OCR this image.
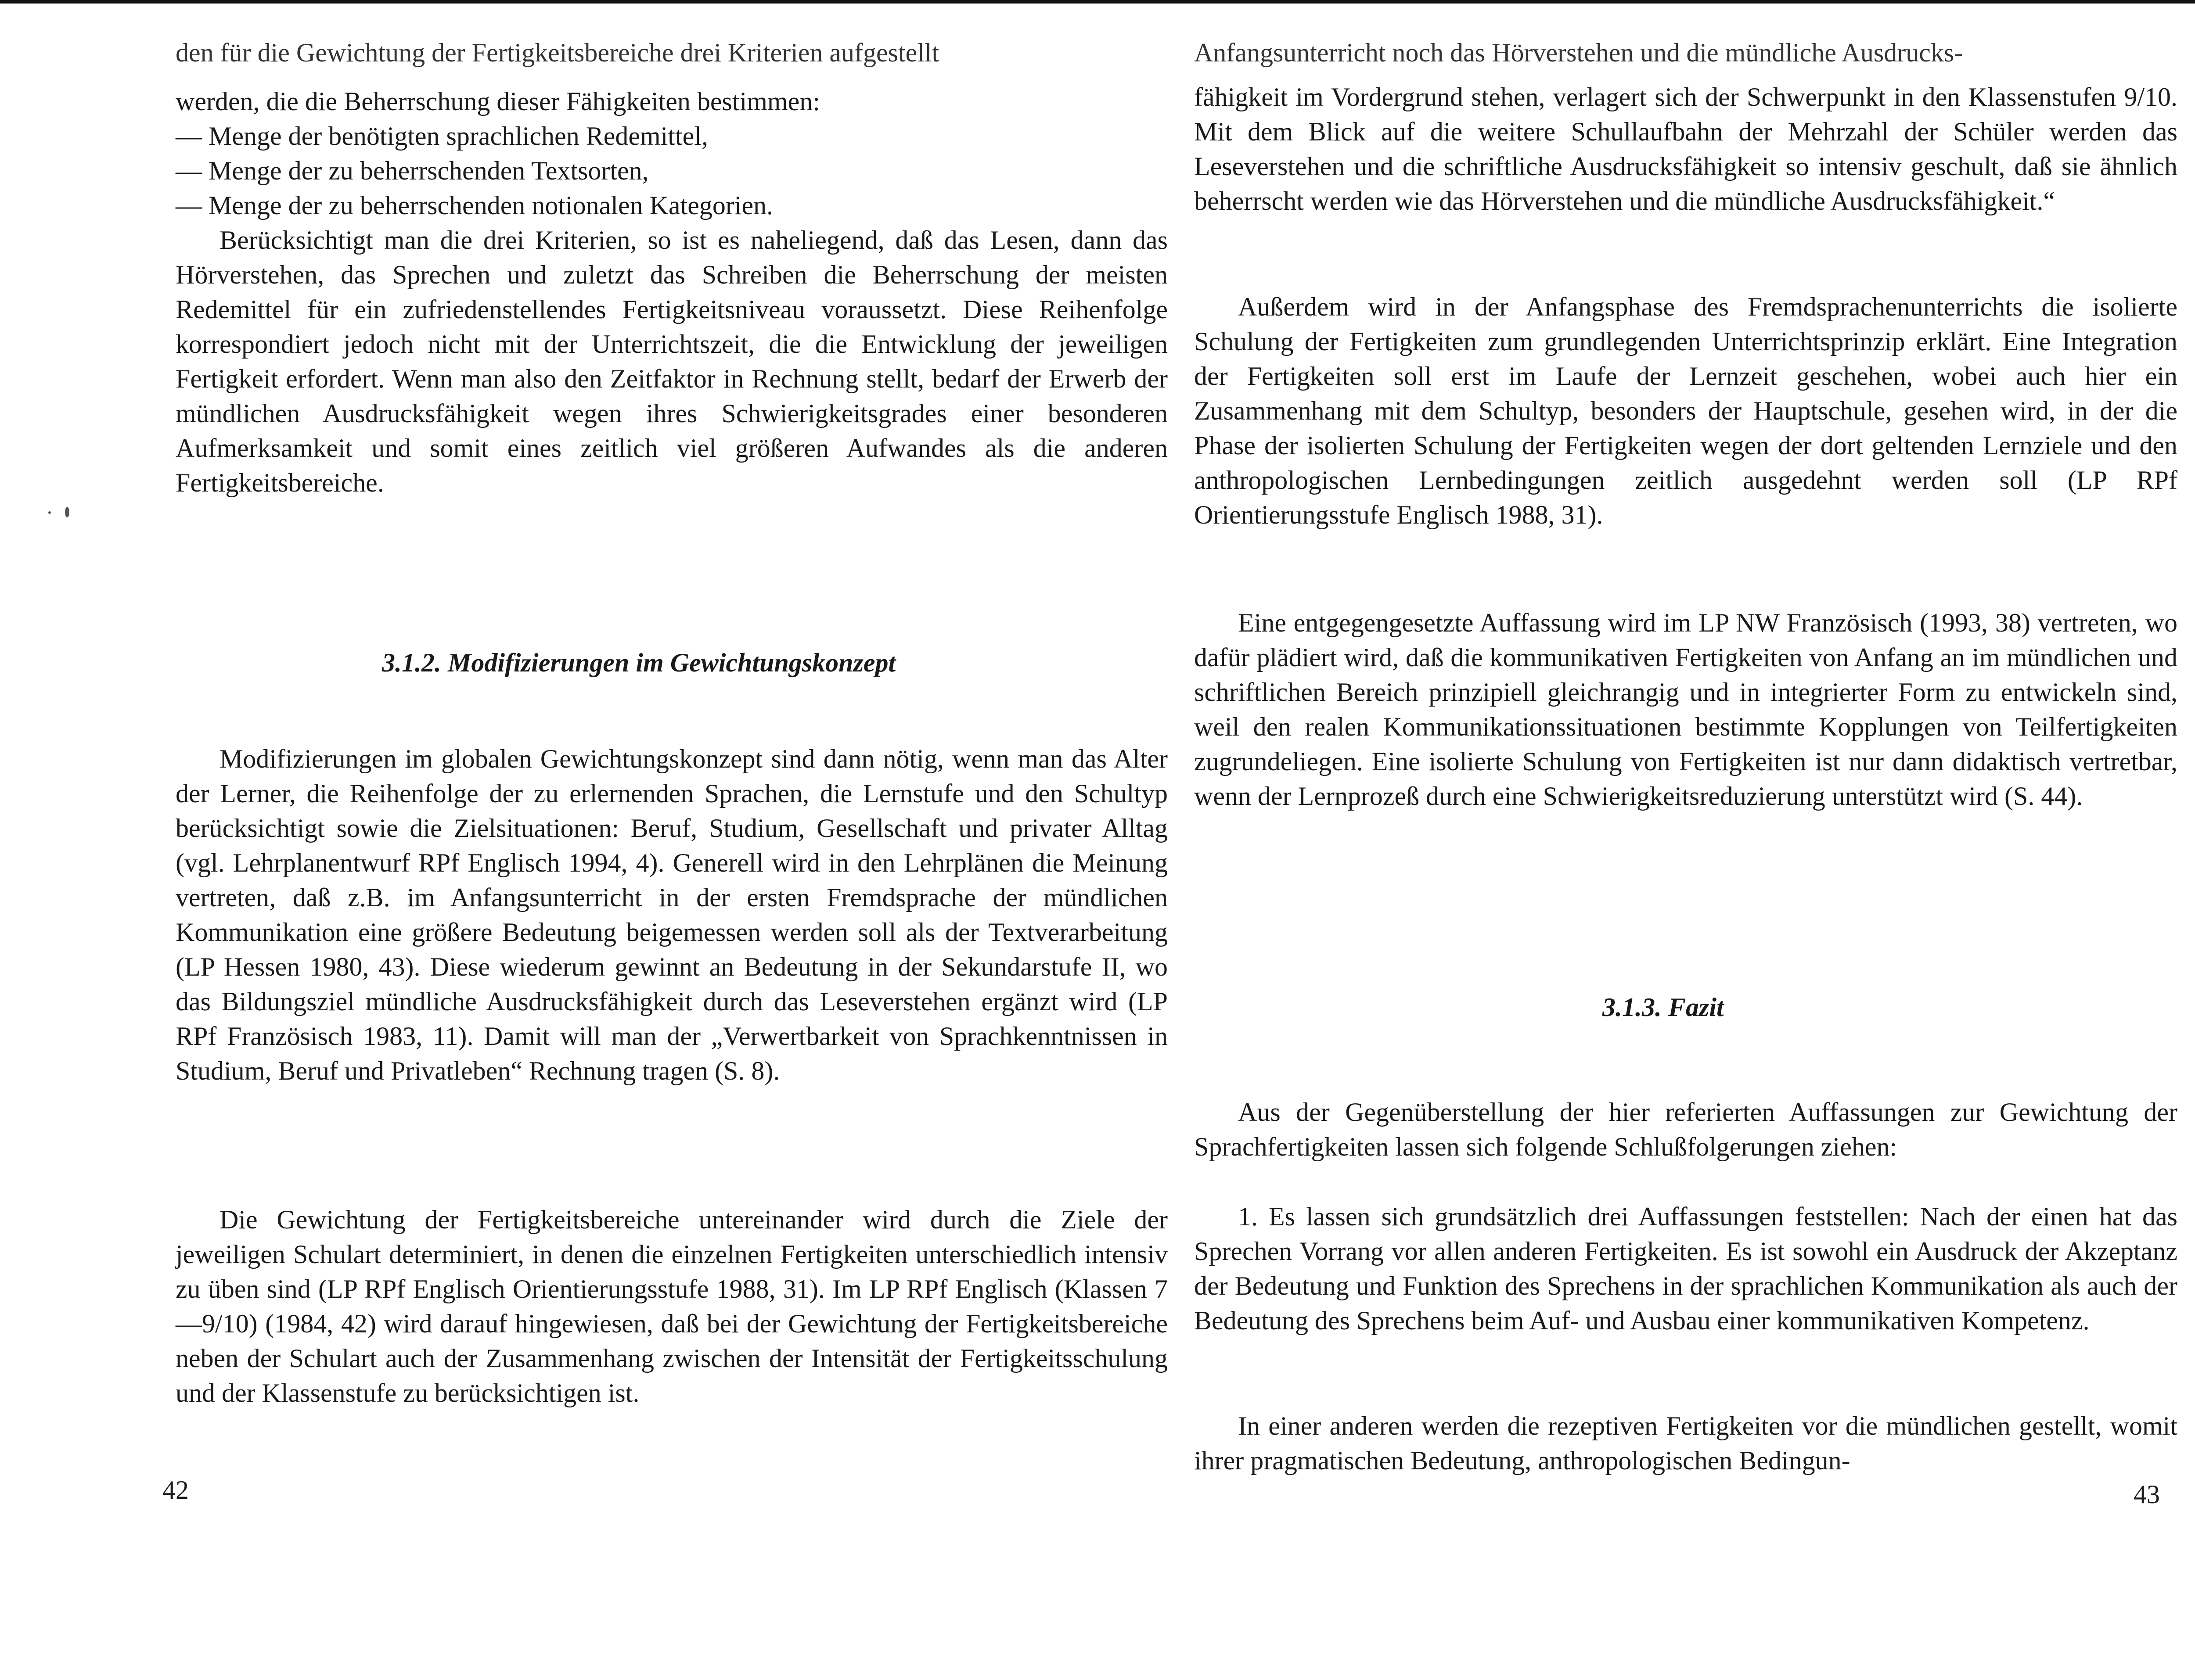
den für die Gewichtung der Fertigkeitsbereiche drei Kriterien aufgestellt

werden, die die Beherrschung dieser Fähigkeiten bestimmen:

— Menge der benötigten sprachlichen Redemittel,
— Menge der zu beherrschenden Textsorten,
— Menge der zu beherrschenden notionalen Kategorien.

Berücksichtigt man die drei Kriterien, so ist es naheliegend, daß das Lesen, dann das Hörverstehen, das Sprechen und zuletzt das Schreiben die Beherrschung der meisten Redemittel für ein zufriedenstellendes Fertigkeitsniveau voraussetzt. Diese Reihenfolge korrespondiert jedoch nicht mit der Unterrichtszeit, die die Entwicklung der jeweiligen Fertigkeit erfordert. Wenn man also den Zeitfaktor in Rechnung stellt, bedarf der Erwerb der mündlichen Ausdrucksfähigkeit wegen ihres Schwierigkeitsgrades einer besonderen Aufmerksamkeit und somit eines zeitlich viel größeren Aufwandes als die anderen Fertigkeitsbereiche.

3.1.2. Modifizierungen im Gewichtungskonzept

Modifizierungen im globalen Gewichtungskonzept sind dann nötig, wenn man das Alter der Lerner, die Reihenfolge der zu erlernenden Sprachen, die Lernstufe und den Schultyp berücksichtigt sowie die Zielsituationen: Beruf, Studium, Gesellschaft und privater Alltag (vgl. Lehrplanentwurf RPf Englisch 1994, 4). Generell wird in den Lehrplänen die Meinung vertreten, daß z.B. im Anfangsunterricht in der ersten Fremdsprache der mündlichen Kommunikation eine größere Bedeutung beigemessen werden soll als der Textverarbeitung (LP Hessen 1980, 43). Diese wiederum gewinnt an Bedeutung in der Sekundarstufe II, wo das Bildungsziel mündliche Ausdrucksfähigkeit durch das Leseverstehen ergänzt wird (LP RPf Französisch 1983, 11). Damit will man der „Verwertbarkeit von Sprachkenntnissen in Studium, Beruf und Privatleben“ Rechnung tragen (S. 8).

Die Gewichtung der Fertigkeitsbereiche untereinander wird durch die Ziele der jeweiligen Schulart determiniert, in denen die einzelnen Fertigkeiten unterschiedlich intensiv zu üben sind (LP RPf Englisch Orientierungsstufe 1988, 31). Im LP RPf Englisch (Klassen 7—9/10) (1984, 42) wird darauf hingewiesen, daß bei der Gewichtung der Fertigkeitsbereiche neben der Schulart auch der Zusammenhang zwischen der Intensität der Fertigkeitsschulung und der Klassenstufe zu berücksichtigen ist.

42

Anfangsunterricht noch das Hörverstehen und die mündliche Ausdrucks-

fähigkeit im Vordergrund stehen, verlagert sich der Schwerpunkt in den Klassenstufen 9/10. Mit dem Blick auf die weitere Schullaufbahn der Mehrzahl der Schüler werden das Leseverstehen und die schriftliche Ausdrucksfähigkeit so intensiv geschult, daß sie ähnlich beherrscht werden wie das Hörverstehen und die mündliche Ausdrucksfähigkeit.“

Außerdem wird in der Anfangsphase des Fremdsprachenunterrichts die isolierte Schulung der Fertigkeiten zum grundlegenden Unterrichtsprinzip erklärt. Eine Integration der Fertigkeiten soll erst im Laufe der Lernzeit geschehen, wobei auch hier ein Zusammenhang mit dem Schultyp, besonders der Hauptschule, gesehen wird, in der die Phase der isolierten Schulung der Fertigkeiten wegen der dort geltenden Lernziele und den anthropologischen Lernbedingungen zeitlich ausgedehnt werden soll (LP RPf Orientierungsstufe Englisch 1988, 31).

Eine entgegengesetzte Auffassung wird im LP NW Französisch (1993, 38) vertreten, wo dafür plädiert wird, daß die kommunikativen Fertigkeiten von Anfang an im mündlichen und schriftlichen Bereich prinzipiell gleichrangig und in integrierter Form zu entwickeln sind, weil den realen Kommunikationssituationen bestimmte Kopplungen von Teilfertigkeiten zugrundeliegen. Eine isolierte Schulung von Fertigkeiten ist nur dann didaktisch vertretbar, wenn der Lernprozeß durch eine Schwierigkeitsreduzierung unterstützt wird (S. 44).

3.1.3. Fazit

Aus der Gegenüberstellung der hier referierten Auffassungen zur Gewichtung der Sprachfertigkeiten lassen sich folgende Schlußfolgerungen ziehen:

1. Es lassen sich grundsätzlich drei Auffassungen feststellen: Nach der einen hat das Sprechen Vorrang vor allen anderen Fertigkeiten. Es ist sowohl ein Ausdruck der Akzeptanz der Bedeutung und Funktion des Sprechens in der sprachlichen Kommunikation als auch der Bedeutung des Sprechens beim Auf- und Ausbau einer kommunikativen Kompetenz.

In einer anderen werden die rezeptiven Fertigkeiten vor die mündlichen gestellt, womit ihrer pragmatischen Bedeutung, anthropologischen Bedingun-

43
